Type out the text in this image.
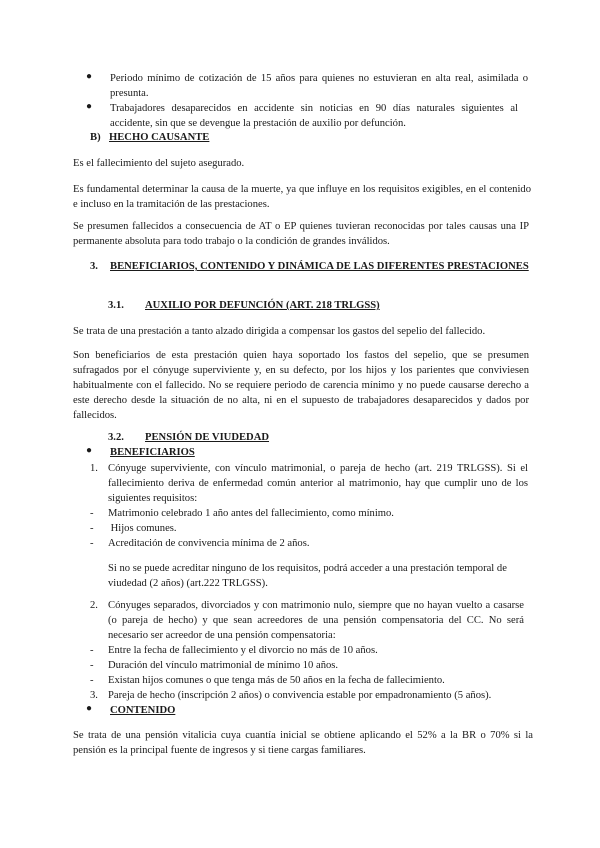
● Periodo mínimo de cotización de 15 años para quienes no estuvieran en alta real, asimilada o presunta.
● Trabajadores desaparecidos en accidente sin noticias en 90 días naturales siguientes al accidente, sin que se devengue la prestación de auxilio por defunción.
B) HECHO CAUSANTE
Es el fallecimiento del sujeto asegurado.
Es fundamental determinar la causa de la muerte, ya que influye en los requisitos exigibles, en el contenido e incluso en la tramitación de las prestaciones.
Se presumen fallecidos a consecuencia de AT o EP quienes tuvieran reconocidas por tales causas una IP permanente absoluta para todo trabajo o la condición de grandes inválidos.
3. BENEFICIARIOS, CONTENIDO Y DINÁMICA DE LAS DIFERENTES PRESTACIONES
3.1. AUXILIO POR DEFUNCIÓN (ART. 218 TRLGSS)
Se trata de una prestación a tanto alzado dirigida a compensar los gastos del sepelio del fallecido.
Son beneficiarios de esta prestación quien haya soportado los fastos del sepelio, que se presumen sufragados por el cónyuge superviviente y, en su defecto, por los hijos y los parientes que conviviesen habitualmente con el fallecido. No se requiere periodo de carencia mínimo y no puede causarse derecho a este derecho desde la situación de no alta, ni en el supuesto de trabajadores desaparecidos y dados por fallecidos.
3.2. PENSIÓN DE VIUDEDAD
● BENEFICIARIOS
1. Cónyuge superviviente, con vínculo matrimonial, o pareja de hecho (art. 219 TRLGSS). Si el fallecimiento deriva de enfermedad común anterior al matrimonio, hay que cumplir uno de los siguientes requisitos:
- Matrimonio celebrado 1 año antes del fallecimiento, como mínimo.
- Hijos comunes.
- Acreditación de convivencia mínima de 2 años.
Si no se puede acreditar ninguno de los requisitos, podrá acceder a una prestación temporal de viudedad (2 años) (art.222 TRLGSS).
2. Cónyuges separados, divorciados y con matrimonio nulo, siempre que no hayan vuelto a casarse (o pareja de hecho) y que sean acreedores de una pensión compensatoria del CC. No será necesario ser acreedor de una pensión compensatoria:
- Entre la fecha de fallecimiento y el divorcio no más de 10 años.
- Duración del vínculo matrimonial de mínimo 10 años.
- Existan hijos comunes o que tenga más de 50 años en la fecha de fallecimiento.
3. Pareja de hecho (inscripción 2 años) o convivencia estable por empadronamiento (5 años).
● CONTENIDO
Se trata de una pensión vitalicia cuya cuantía inicial se obtiene aplicando el 52% a la BR o 70% si la pensión es la principal fuente de ingresos y si tiene cargas familiares.
